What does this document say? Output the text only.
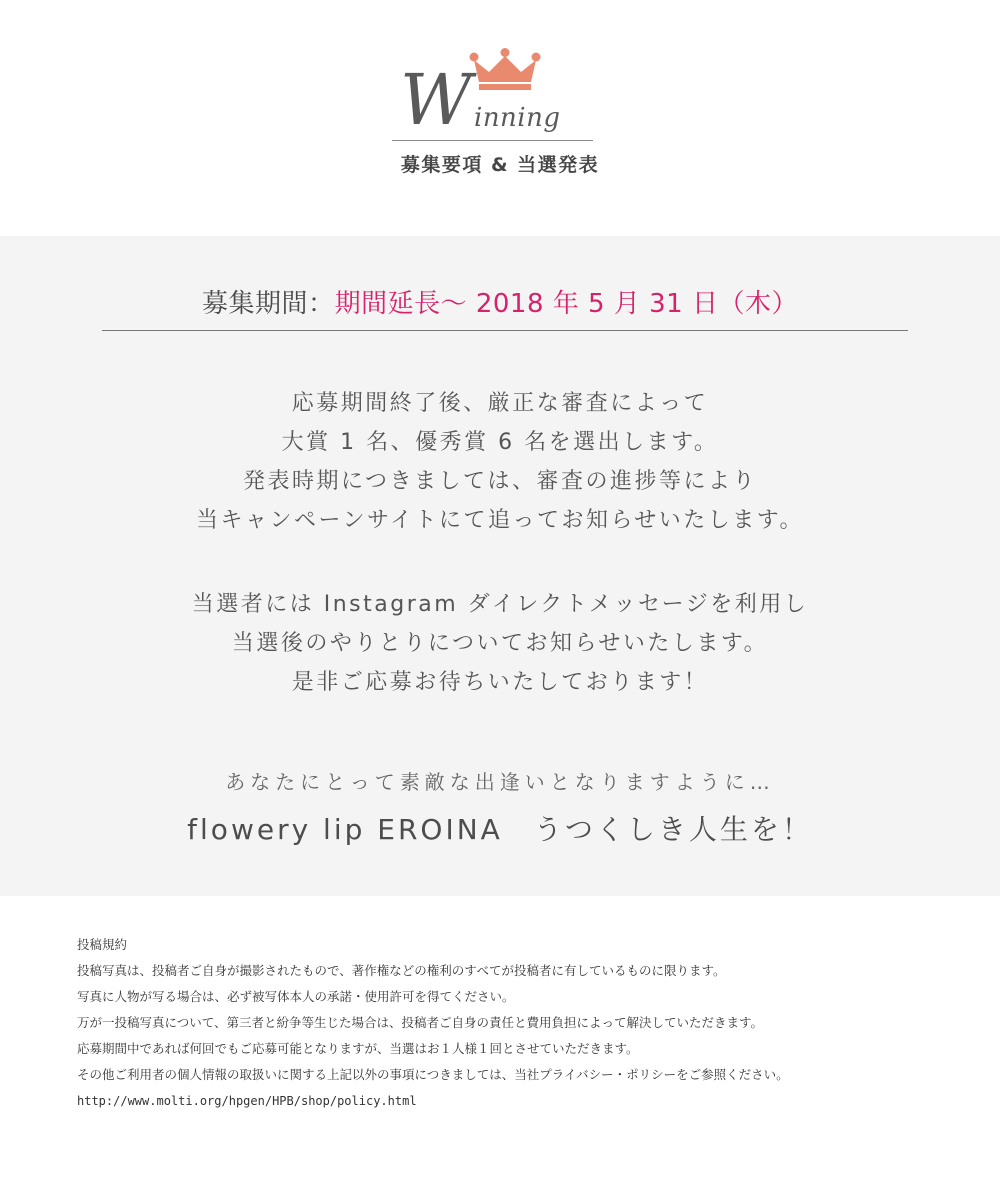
W inning
募集要項 & 当選発表
募集期間：期間延長〜 2018 年 5 月 31 日（木）
応募期間終了後、厳正な審査によって
大賞 1 名、優秀賞 6 名を選出します。
発表時期につきましては、審査の進捗等により
当キャンペーンサイトにて追ってお知らせいたします。
当選者には Instagram ダイレクトメッセージを利用し
当選後のやりとりについてお知らせいたします。
是非ご応募お待ちいたしております！
あなたにとって素敵な出逢いとなりますように…
flowery lip EROINA　うつくしき人生を！
投稿規約
投稿写真は、投稿者ご自身が撮影されたもので、著作権などの権利のすべてが投稿者に有しているものに限ります。
写真に人物が写る場合は、必ず被写体本人の承諾・使用許可を得てください。
万が一投稿写真について、第三者と紛争等生じた場合は、投稿者ご自身の責任と費用負担によって解決していただきます。
応募期間中であれば何回でもご応募可能となりますが、当選はお１人様１回とさせていただきます。
その他ご利用者の個人情報の取扱いに関する上記以外の事項につきましては、当社プライバシー・ポリシーをご参照ください。
http://www.molti.org/hpgen/HPB/shop/policy.html
